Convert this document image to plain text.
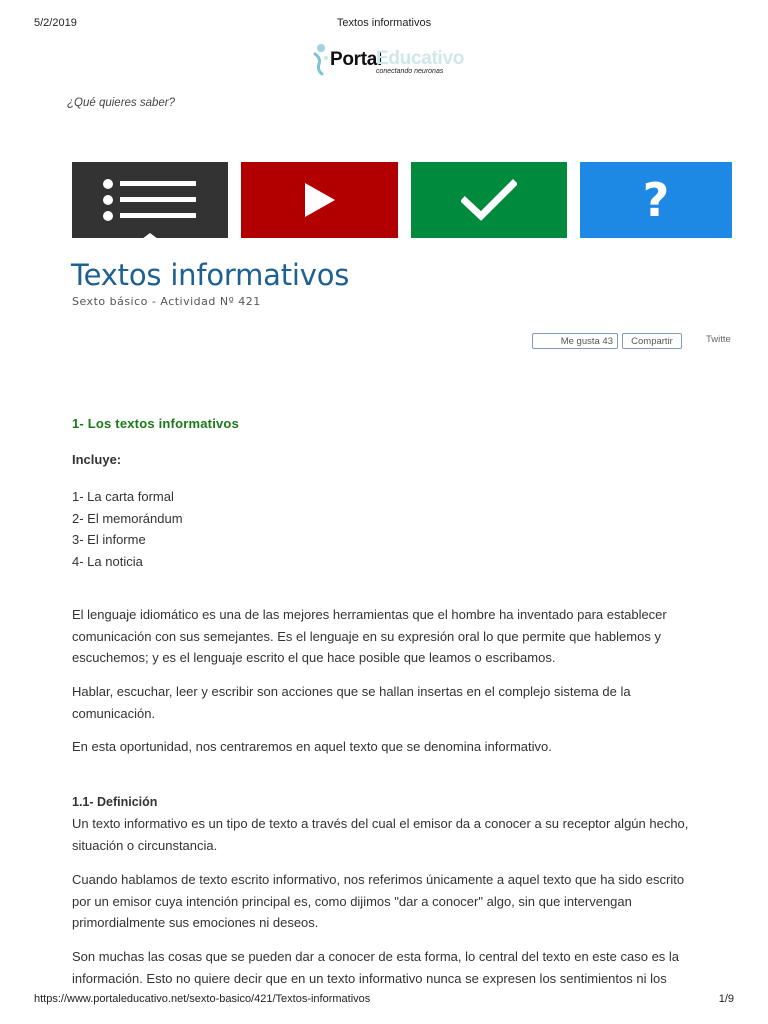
5/2/2019	Textos informativos
Portal
Educativo
conectando neuronas
¿Qué quieres saber?
?
Textos informativos
Sexto básico - Actividad Nº 421
Me gusta 43	Compartir	Twitte
1- Los textos informativos
Incluye:
1- La carta formal
2- El memorándum
3- El informe
4- La noticia

El lenguaje idiomático es una de las mejores herramientas que el hombre ha inventado para establecer
comunicación con sus semejantes. Es el lenguaje en su expresión oral lo que permite que hablemos y
escuchemos; y es el lenguaje escrito el que hace posible que leamos o escribamos.

Hablar, escuchar, leer y escribir son acciones que se hallan insertas en el complejo sistema de la
comunicación.

En esta oportunidad, nos centraremos en aquel texto que se denomina informativo.

1.1- Definición

Un texto informativo es un tipo de texto a través del cual el emisor da a conocer a su receptor algún hecho,
situación o circunstancia.

Cuando hablamos de texto escrito informativo, nos referimos únicamente a aquel texto que ha sido escrito
por un emisor cuya intención principal es, como dijimos "dar a conocer" algo, sin que intervengan
primordialmente sus emociones ni deseos.

Son muchas las cosas que se pueden dar a conocer de esta forma, lo central del texto en este caso es la
información. Esto no quiere decir que en un texto informativo nunca se expresen los sentimientos ni los

https://www.portaleducativo.net/sexto-basico/421/Textos-informativos	1/9
